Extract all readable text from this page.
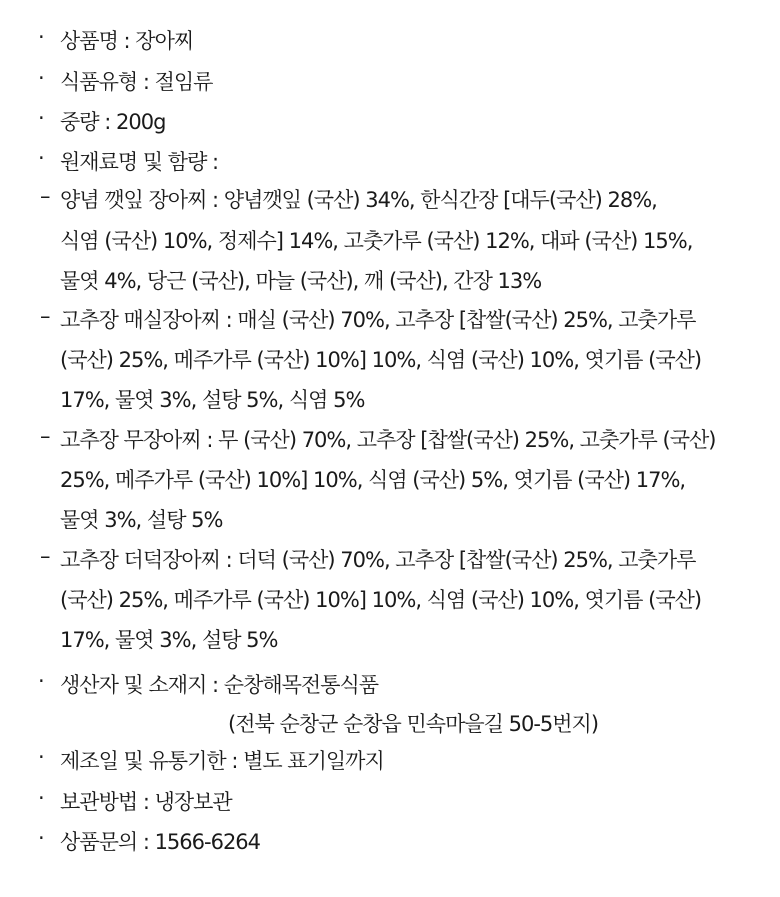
· 상품명 : 장아찌
· 식품유형 : 절임류
· 중량 : 200g
· 원재료명 및 함량 :
– 양념 깻잎 장아찌 : 양념깻잎 (국산) 34%, 한식간장 [대두(국산) 28%,
식염 (국산) 10%, 정제수] 14%, 고춧가루 (국산) 12%, 대파 (국산) 15%,
물엿 4%, 당근 (국산), 마늘 (국산), 깨 (국산), 간장 13%
– 고추장 매실장아찌 : 매실 (국산) 70%, 고추장 [찹쌀(국산) 25%, 고춧가루
(국산) 25%, 메주가루 (국산) 10%] 10%, 식염 (국산) 10%, 엿기름 (국산)
17%, 물엿 3%, 설탕 5%, 식염 5%
– 고추장 무장아찌 : 무 (국산) 70%, 고추장 [찹쌀(국산) 25%, 고춧가루 (국산)
25%, 메주가루 (국산) 10%] 10%, 식염 (국산) 5%, 엿기름 (국산) 17%,
물엿 3%, 설탕 5%
– 고추장 더덕장아찌 : 더덕 (국산) 70%, 고추장 [찹쌀(국산) 25%, 고춧가루
(국산) 25%, 메주가루 (국산) 10%] 10%, 식염 (국산) 10%, 엿기름 (국산)
17%, 물엿 3%, 설탕 5%
· 생산자 및 소재지 : 순창해목전통식품
(전북 순창군 순창읍 민속마을길 50-5번지)
· 제조일 및 유통기한 : 별도 표기일까지
· 보관방법 : 냉장보관
· 상품문의 : 1566-6264
